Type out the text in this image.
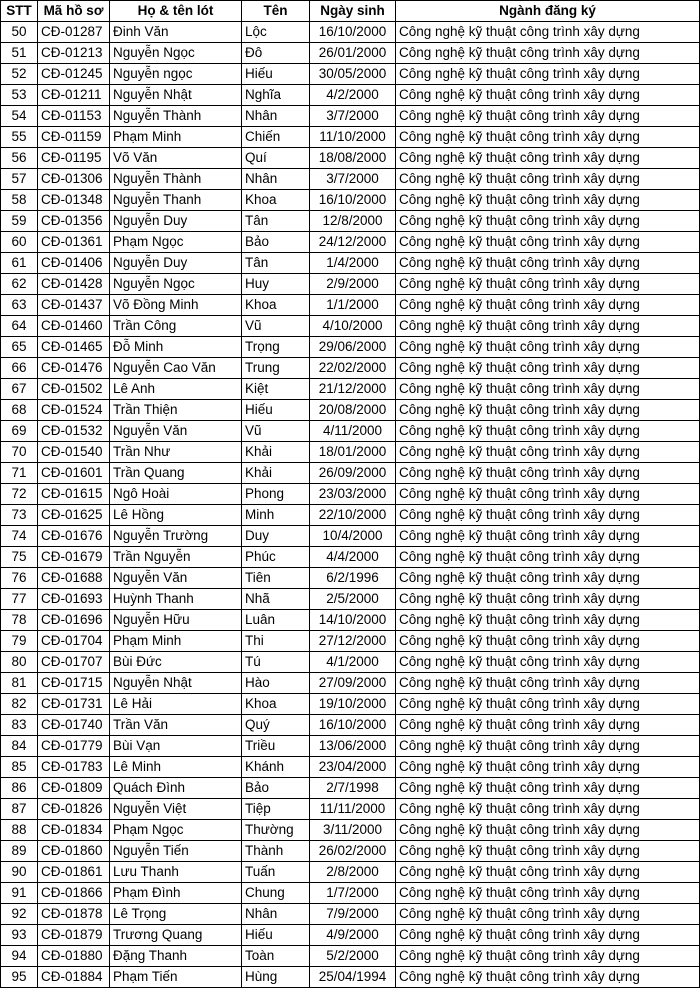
STT	Mã hồ sơ	Họ & tên lót	Tên	Ngày sinh	Ngành đăng ký
50	CĐ-01287	Đinh Văn	Lộc	16/10/2000	Công nghệ kỹ thuật công trình xây dựng
51	CĐ-01213	Nguyễn Ngọc	Đô	26/01/2000	Công nghệ kỹ thuật công trình xây dựng
52	CĐ-01245	Nguyễn ngọc	Hiếu	30/05/2000	Công nghệ kỹ thuật công trình xây dựng
53	CĐ-01211	Nguyễn Nhật	Nghĩa	4/2/2000	Công nghệ kỹ thuật công trình xây dựng
54	CĐ-01153	Nguyễn Thành	Nhân	3/7/2000	Công nghệ kỹ thuật công trình xây dựng
55	CĐ-01159	Phạm Minh	Chiến	11/10/2000	Công nghệ kỹ thuật công trình xây dựng
56	CĐ-01195	Võ Văn	Quí	18/08/2000	Công nghệ kỹ thuật công trình xây dựng
57	CĐ-01306	Nguyễn Thành	Nhân	3/7/2000	Công nghệ kỹ thuật công trình xây dựng
58	CĐ-01348	Nguyễn Thanh	Khoa	16/10/2000	Công nghệ kỹ thuật công trình xây dựng
59	CĐ-01356	Nguyễn Duy	Tân	12/8/2000	Công nghệ kỹ thuật công trình xây dựng
60	CĐ-01361	Phạm Ngọc	Bảo	24/12/2000	Công nghệ kỹ thuật công trình xây dựng
61	CĐ-01406	Nguyễn Duy	Tân	1/4/2000	Công nghệ kỹ thuật công trình xây dựng
62	CĐ-01428	Nguyễn Ngọc	Huy	2/9/2000	Công nghệ kỹ thuật công trình xây dựng
63	CĐ-01437	Võ Đồng Minh	Khoa	1/1/2000	Công nghệ kỹ thuật công trình xây dựng
64	CĐ-01460	Trần Công	Vũ	4/10/2000	Công nghệ kỹ thuật công trình xây dựng
65	CĐ-01465	Đỗ Minh	Trọng	29/06/2000	Công nghệ kỹ thuật công trình xây dựng
66	CĐ-01476	Nguyễn Cao Văn	Trung	22/02/2000	Công nghệ kỹ thuật công trình xây dựng
67	CĐ-01502	Lê Anh	Kiệt	21/12/2000	Công nghệ kỹ thuật công trình xây dựng
68	CĐ-01524	Trần Thiện	Hiếu	20/08/2000	Công nghệ kỹ thuật công trình xây dựng
69	CĐ-01532	Nguyễn Văn	Vũ	4/11/2000	Công nghệ kỹ thuật công trình xây dựng
70	CĐ-01540	Trần Như	Khải	18/01/2000	Công nghệ kỹ thuật công trình xây dựng
71	CĐ-01601	Trần Quang	Khải	26/09/2000	Công nghệ kỹ thuật công trình xây dựng
72	CĐ-01615	Ngô Hoài	Phong	23/03/2000	Công nghệ kỹ thuật công trình xây dựng
73	CĐ-01625	Lê Hồng	Minh	22/10/2000	Công nghệ kỹ thuật công trình xây dựng
74	CĐ-01676	Nguyễn Trường	Duy	10/4/2000	Công nghệ kỹ thuật công trình xây dựng
75	CĐ-01679	Trần Nguyễn	Phúc	4/4/2000	Công nghệ kỹ thuật công trình xây dựng
76	CĐ-01688	Nguyễn Văn	Tiên	6/2/1996	Công nghệ kỹ thuật công trình xây dựng
77	CĐ-01693	Huỳnh Thanh	Nhã	2/5/2000	Công nghệ kỹ thuật công trình xây dựng
78	CĐ-01696	Nguyễn Hữu	Luân	14/10/2000	Công nghệ kỹ thuật công trình xây dựng
79	CĐ-01704	Phạm Minh	Thi	27/12/2000	Công nghệ kỹ thuật công trình xây dựng
80	CĐ-01707	Bùi Đức	Tú	4/1/2000	Công nghệ kỹ thuật công trình xây dựng
81	CĐ-01715	Nguyễn Nhật	Hào	27/09/2000	Công nghệ kỹ thuật công trình xây dựng
82	CĐ-01731	Lê Hải	Khoa	19/10/2000	Công nghệ kỹ thuật công trình xây dựng
83	CĐ-01740	Trần Văn	Quý	16/10/2000	Công nghệ kỹ thuật công trình xây dựng
84	CĐ-01779	Bùi Vạn	Triều	13/06/2000	Công nghệ kỹ thuật công trình xây dựng
85	CĐ-01783	Lê Minh	Khánh	23/04/2000	Công nghệ kỹ thuật công trình xây dựng
86	CĐ-01809	Quách Đình	Bảo	2/7/1998	Công nghệ kỹ thuật công trình xây dựng
87	CĐ-01826	Nguyễn Việt	Tiệp	11/11/2000	Công nghệ kỹ thuật công trình xây dựng
88	CĐ-01834	Phạm Ngọc	Thường	3/11/2000	Công nghệ kỹ thuật công trình xây dựng
89	CĐ-01860	Nguyễn Tiến	Thành	26/02/2000	Công nghệ kỹ thuật công trình xây dựng
90	CĐ-01861	Lưu Thanh	Tuấn	2/8/2000	Công nghệ kỹ thuật công trình xây dựng
91	CĐ-01866	Phạm Đình	Chung	1/7/2000	Công nghệ kỹ thuật công trình xây dựng
92	CĐ-01878	Lê Trọng	Nhân	7/9/2000	Công nghệ kỹ thuật công trình xây dựng
93	CĐ-01879	Trương Quang	Hiếu	4/9/2000	Công nghệ kỹ thuật công trình xây dựng
94	CĐ-01880	Đặng Thanh	Toàn	5/2/2000	Công nghệ kỹ thuật công trình xây dựng
95	CĐ-01884	Phạm Tiến	Hùng	25/04/1994	Công nghệ kỹ thuật công trình xây dựng
